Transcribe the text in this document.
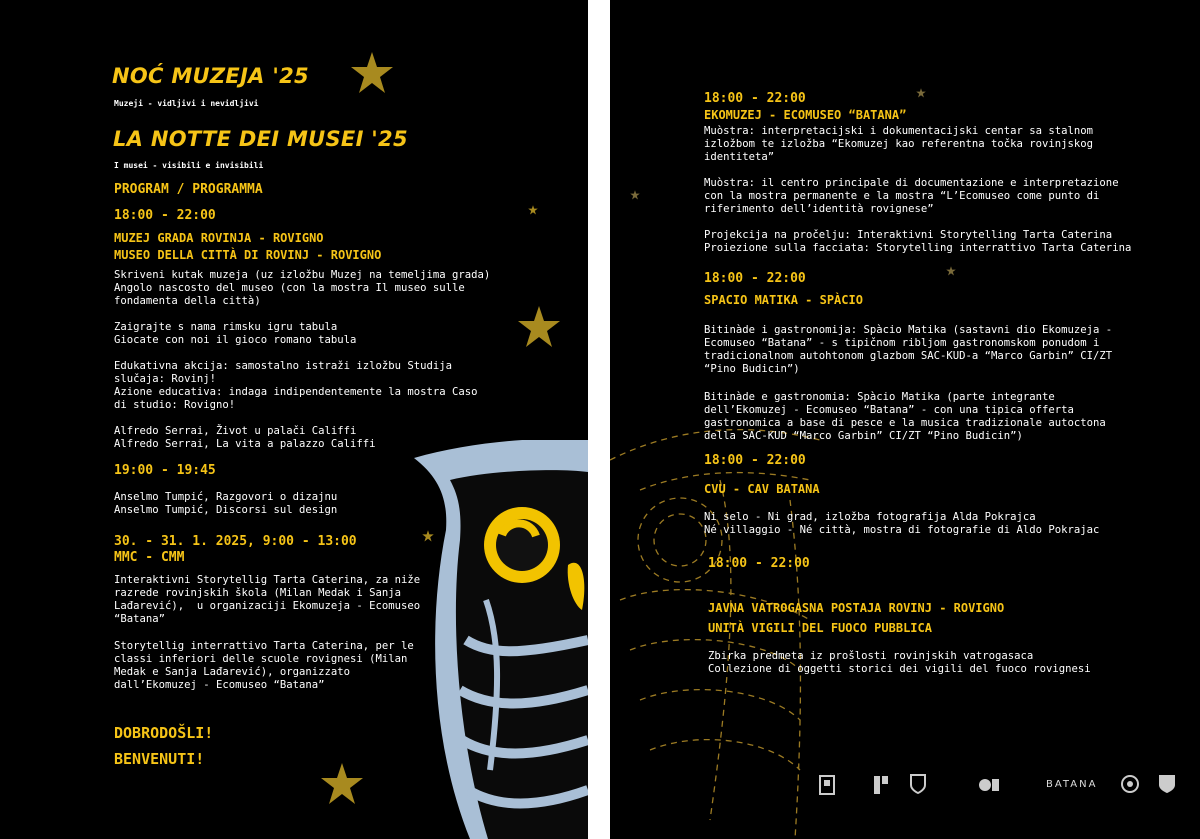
NOĆ MUZEJA '25
Muzeji - vidljivi i nevidljivi
LA NOTTE DEI MUSEI '25
I musei - visibili e invisibili
PROGRAM / PROGRAMMA
18:00 - 22:00
MUZEJ GRADA ROVINJA - ROVIGNO
MUSEO DELLA CITTÀ DI ROVINJ - ROVIGNO
Skriveni kutak muzeja (uz izložbu Muzej na temeljima grada)
Angolo nascosto del museo (con la mostra Il museo sulle
fondamenta della città)
Zaigrajte s nama rimsku igru tabula
Giocate con noi il gioco romano tabula
Edukativna akcija: samostalno istraži izložbu Studija
slučaja: Rovinj!
Azione educativa: indaga indipendentemente la mostra Caso
di studio: Rovigno!
Alfredo Serrai, Život u palači Califfi
Alfredo Serrai, La vita a palazzo Califfi
19:00 - 19:45
Anselmo Tumpić, Razgovori o dizajnu
Anselmo Tumpić, Discorsi sul design
30. - 31. 1. 2025, 9:00 - 13:00
MMC - CMM
Interaktivni Storytellig Tarta Caterina, za niže
razrede rovinjskih škola (Milan Medak i Sanja
Lađarević),  u organizaciji Ekomuzeja - Ecomuseo
“Batana”
Storytellig interrattivo Tarta Caterina, per le
classi inferiori delle scuole rovignesi (Milan
Medak e Sanja Lađarević), organizzato
dall’Ekomuzej - Ecomuseo “Batana”
DOBRODOŠLI!
BENVENUTI!
18:00 - 22:00
EKOMUZEJ - ECOMUSEO “BATANA”
Muòstra: interpretacijski i dokumentacijski centar sa stalnom
izložbom te izložba “Ekomuzej kao referentna točka rovinjskog
identiteta”
Muòstra: il centro principale di documentazione e interpretazione
con la mostra permanente e la mostra “L’Ecomuseo come punto di
riferimento dell’identità rovignese”
Projekcija na pročelju: Interaktivni Storytelling Tarta Caterina
Proiezione sulla facciata: Storytelling interrattivo Tarta Caterina
18:00 - 22:00
SPACIO MATIKA - SPÀCIO
Bitinàde i gastronomija: Spàcio Matika (sastavni dio Ekomuzeja -
Ecomuseo “Batana” - s tipičnom ribljom gastronomskom ponudom i
tradicionalnom autohtonom glazbom SAC-KUD-a “Marco Garbin” CI/ZT
“Pino Budicin”)
Bitinàde e gastronomia: Spàcio Matika (parte integrante
dell’Ekomuzej - Ecomuseo “Batana” - con una tipica offerta
gastronomica a base di pesce e la musica tradizionale autoctona
della SAC-KUD “Marco Garbin” CI/ZT “Pino Budicin”)
18:00 - 22:00
CVU - CAV BATANA
Ni selo - Ni grad, izložba fotografija Alda Pokrajca
Né villaggio - Né città, mostra di fotografie di Aldo Pokrajac
18:00 - 22:00
JAVNA VATROGASNA POSTAJA ROVINJ - ROVIGNO
UNITÀ VIGILI DEL FUOCO PUBBLICA
Zbirka predmeta iz prošlosti rovinjskih vatrogasaca
Collezione di oggetti storici dei vigili del fuoco rovignesi
BATANA
